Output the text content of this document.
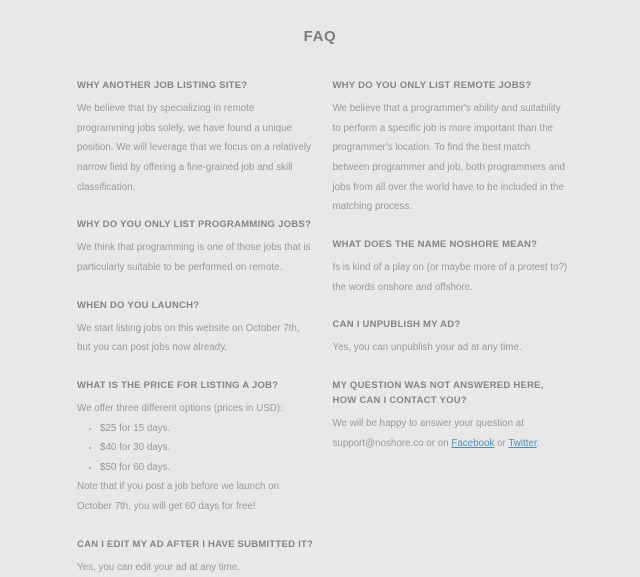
FAQ
WHY ANOTHER JOB LISTING SITE?

We believe that by specializing in remote programming jobs solely, we have found a unique position. We will leverage that we focus on a relatively narrow field by offering a fine-grained job and skill classification.

WHY DO YOU ONLY LIST PROGRAMMING JOBS?

We think that programming is one of those jobs that is particularly suitable to be performed on remote.

WHEN DO YOU LAUNCH?

We start listing jobs on this website on October 7th, but you can post jobs now already.

WHAT IS THE PRICE FOR LISTING A JOB?

We offer three different options (prices in USD):

• $25 for 15 days.
• $40 for 30 days.
• $50 for 60 days.

Note that if you post a job before we launch on October 7th, you will get 60 days for free!

CAN I EDIT MY AD AFTER I HAVE SUBMITTED IT?

Yes, you can edit your ad at any time.

WHY DO YOU ONLY LIST REMOTE JOBS?

We believe that a programmer's ability and suitability to perform a specific job is more important than the programmer's location. To find the best match between programmer and job, both programmers and jobs from all over the world have to be included in the matching process.

WHAT DOES THE NAME NOSHORE MEAN?

Is is kind of a play on (or maybe more of a protest to?) the words onshore and offshore.

CAN I UNPUBLISH MY AD?

Yes, you can unpublish your ad at any time.

MY QUESTION WAS NOT ANSWERED HERE, HOW CAN I CONTACT YOU?

We will be happy to answer your question at support@noshore.co or on Facebook or Twitter.
